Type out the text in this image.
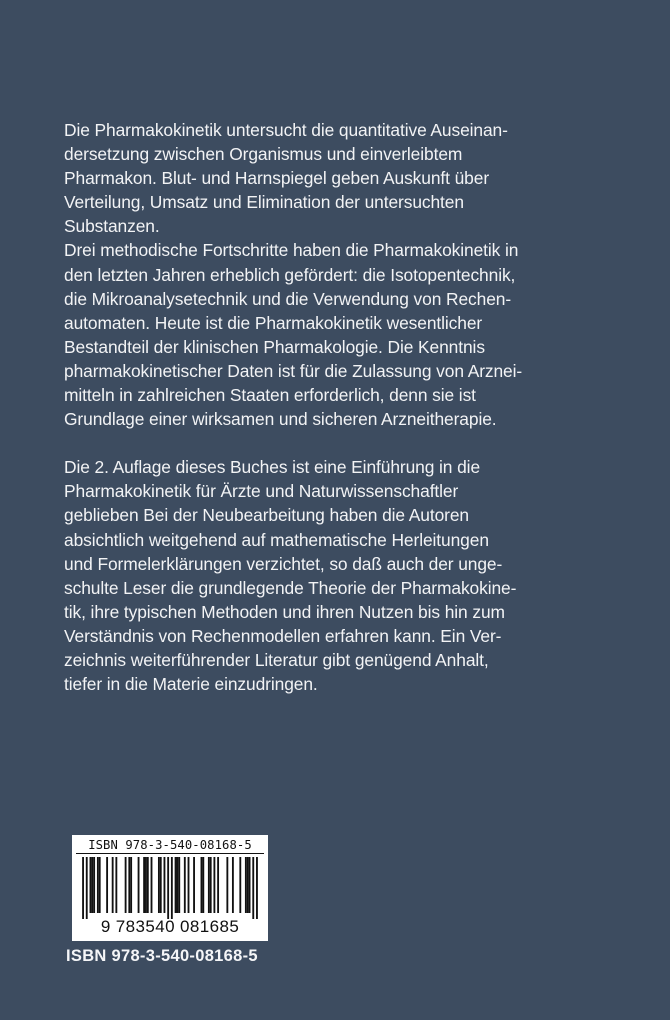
Die Pharmakokinetik untersucht die quantitative Auseinan-
dersetzung zwischen Organismus und einverleibtem
Pharmakon. Blut- und Harnspiegel geben Auskunft über
Verteilung, Umsatz und Elimination der untersuchten
Substanzen.
Drei methodische Fortschritte haben die Pharmakokinetik in
den letzten Jahren erheblich gefördert: die Isotopentechnik,
die Mikroanalysetechnik und die Verwendung von Rechen-
automaten. Heute ist die Pharmakokinetik wesentlicher
Bestandteil der klinischen Pharmakologie. Die Kenntnis
pharmakokinetischer Daten ist für die Zulassung von Arznei-
mitteln in zahlreichen Staaten erforderlich, denn sie ist
Grundlage einer wirksamen und sicheren Arzneitherapie.
Die 2. Auflage dieses Buches ist eine Einführung in die
Pharmakokinetik für Ärzte und Naturwissenschaftler
geblieben Bei der Neubearbeitung haben die Autoren
absichtlich weitgehend auf mathematische Herleitungen
und Formelerklärungen verzichtet, so daß auch der unge-
schulte Leser die grundlegende Theorie der Pharmakokine-
tik, ihre typischen Methoden und ihren Nutzen bis hin zum
Verständnis von Rechenmodellen erfahren kann. Ein Ver-
zeichnis weiterführender Literatur gibt genügend Anhalt,
tiefer in die Materie einzudringen.
ISBN 978-3-540-08168-5
9 783540 081685
ISBN 978-3-540-08168-5
